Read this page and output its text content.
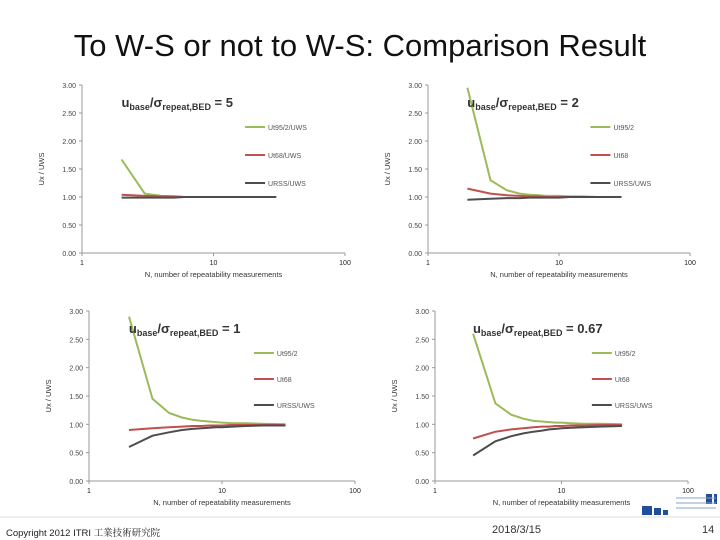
To W-S or not to W-S: Comparison Result
0.00
0.50
1.00
1.50
2.00
2.50
3.00
1	10	100
N, number of repeatability measurements
Ux / UWS
$u_{base}/\sigma_{repeat,BED} = 5$
Ut95/2/UWS
Ut68/UWS
URSS/UWS
0.00
0.50
1.00
1.50
2.00
2.50
3.00
1	10	100
N, number of repeatability measurements
Ux / UWS
$u_{base}/\sigma_{repeat,BED} = 2$
Ut95/2
Ut68
URSS/UWS
0.00
0.50
1.00
1.50
2.00
2.50
3.00
1	10	100
N, number of repeatability measurements
Ux / UWS
$u_{base}/\sigma_{repeat,BED} = 1$
Ut95/2
Ut68
URSS/UWS
0.00
0.50
1.00
1.50
2.00
2.50
3.00
1	10	100
N, number of repeatability measurements
Ux / UWS
$u_{base}/\sigma_{repeat,BED} = 0.67$
Ut95/2
Ut68
URSS/UWS
Copyright 2012 ITRI 工業技術研究院	2018/3/15	14
